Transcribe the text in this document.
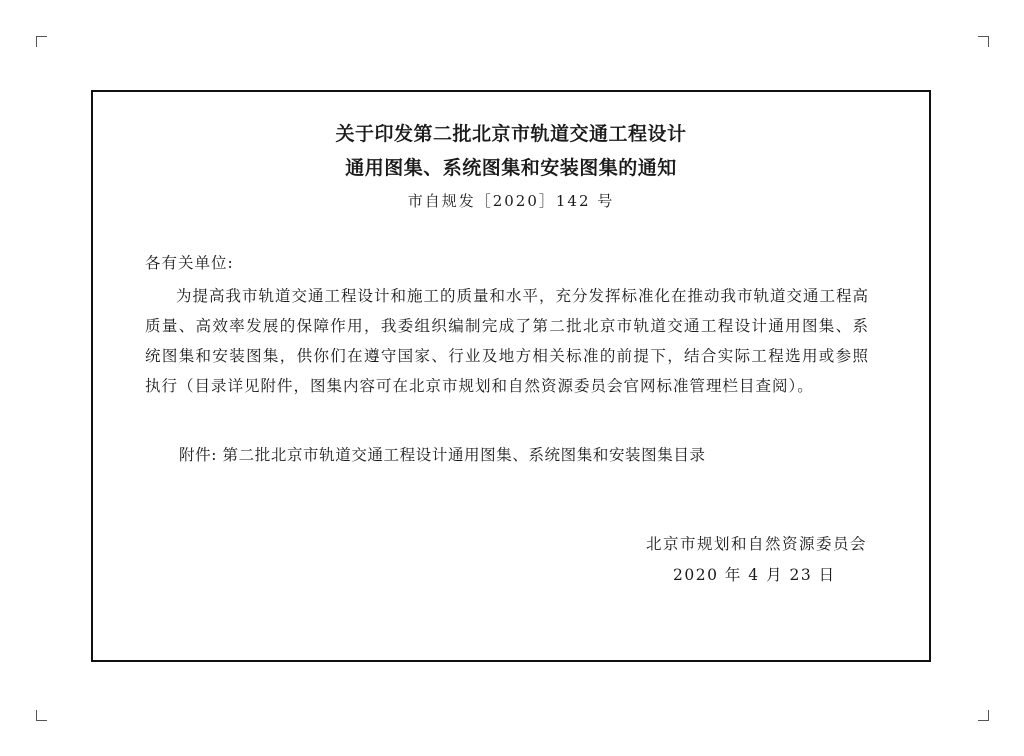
关于印发第二批北京市轨道交通工程设计
通用图集、系统图集和安装图集的通知
市自规发［2020］142 号
各有关单位:

为提高我市轨道交通工程设计和施工的质量和水平，充分发挥标准化在推动我市轨道交通工程高质量、高效率发展的保障作用，我委组织编制完成了第二批北京市轨道交通工程设计通用图集、系统图集和安装图集，供你们在遵守国家、行业及地方相关标准的前提下，结合实际工程选用或参照执行（目录详见附件，图集内容可在北京市规划和自然资源委员会官网标准管理栏目查阅）。

附件: 第二批北京市轨道交通工程设计通用图集、系统图集和安装图集目录
北京市规划和自然资源委员会
2020 年 4 月 23 日
